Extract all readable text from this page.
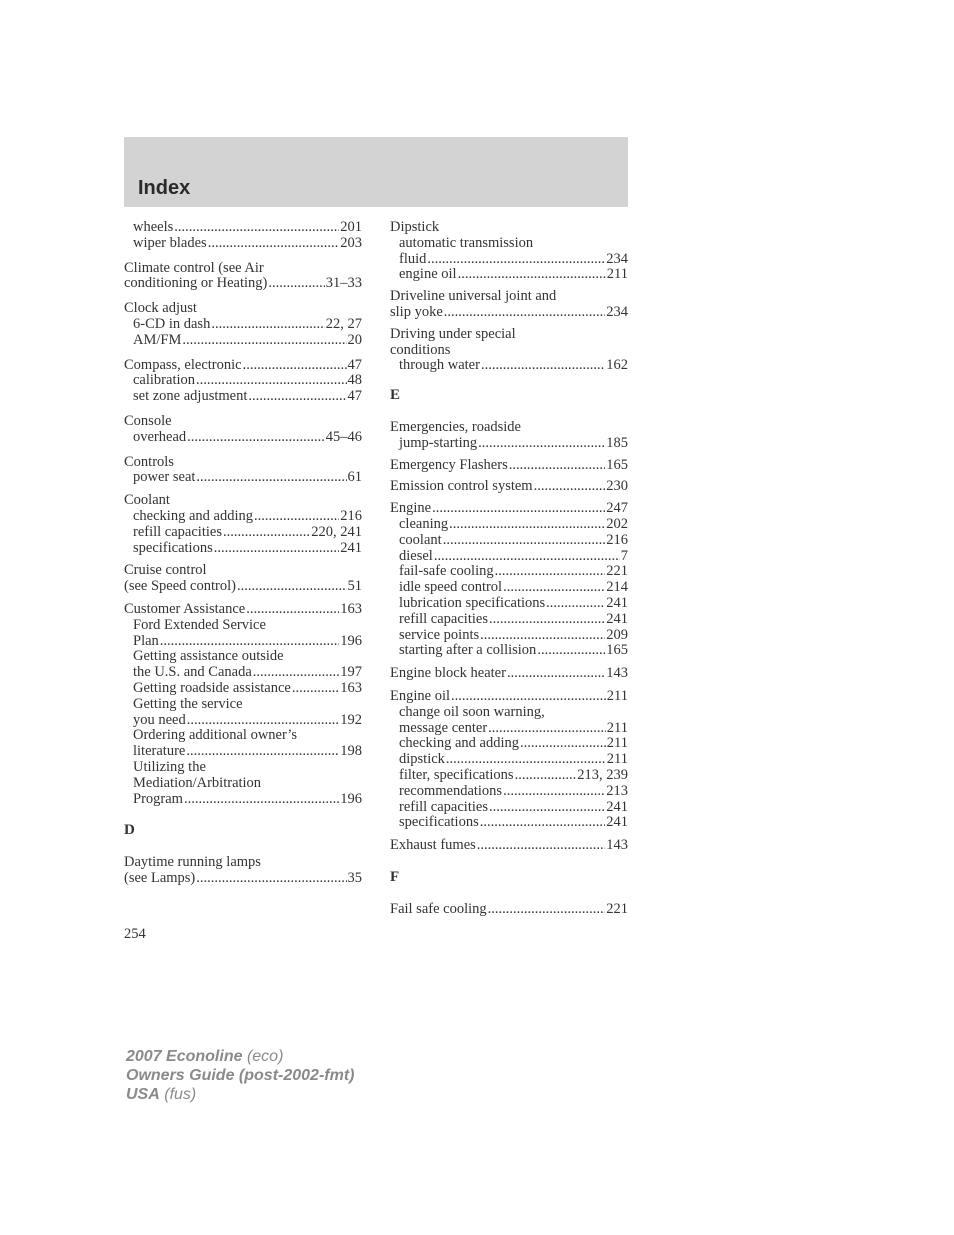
Index
wheels .....	201
wiper blades .....	203
Climate control (see Air
conditioning or Heating) .....	31–33
Clock adjust
6-CD in dash .....	22, 27
AM/FM .....	20
Compass, electronic .....	47
calibration .....	48
set zone adjustment .....	47
Console
overhead .....	45–46
Controls
power seat .....	61
Coolant
checking and adding .....	216
refill capacities .....	220, 241
specifications .....	241
Cruise control
(see Speed control) .....	51
Customer Assistance .....	163
Ford Extended Service
Plan .....	196
Getting assistance outside
the U.S. and Canada .....	197
Getting roadside assistance .....	163
Getting the service
you need .....	192
Ordering additional owner’s
literature .....	198
Utilizing the
Mediation/Arbitration
Program .....	196
D
Daytime running lamps
(see Lamps) .....	35
Dipstick
automatic transmission
fluid .....	234
engine oil .....	211
Driveline universal joint and
slip yoke .....	234
Driving under special
conditions
through water .....	162
E
Emergencies, roadside
jump-starting .....	185
Emergency Flashers .....	165
Emission control system .....	230
Engine .....	247
cleaning .....	202
coolant .....	216
diesel .....	7
fail-safe cooling .....	221
idle speed control .....	214
lubrication specifications .....	241
refill capacities .....	241
service points .....	209
starting after a collision .....	165
Engine block heater .....	143
Engine oil .....	211
change oil soon warning,
message center .....	211
checking and adding .....	211
dipstick .....	211
filter, specifications .....	213, 239
recommendations .....	213
refill capacities .....	241
specifications .....	241
Exhaust fumes .....	143
F
Fail safe cooling .....	221
254
2007 Econoline (eco)
Owners Guide (post-2002-fmt)
USA (fus)
